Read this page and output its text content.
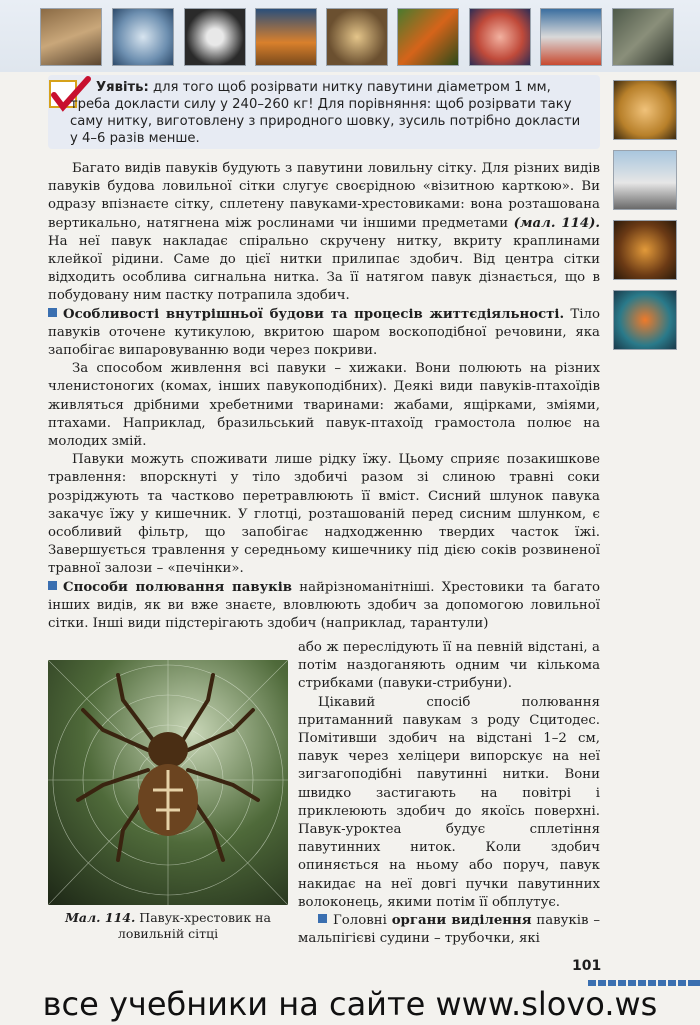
Уявіть: для того щоб розірвати нитку павутини діаметром 1 мм, треба докласти силу у 240–260 кг! Для порівняння: щоб розірвати таку саму нитку, виготовлену з природного шовку, зусиль потрібно докласти у 4–6 разів менше.

Багато видів павуків будують з павутини ловильну сітку. Для різних видів павуків будова ловильної сітки слугує своєрідною «візитною карткою». Ви одразу впізнаєте сітку, сплетену павуками-хрестовиками: вона розташована вертикально, натягнена між рослинами чи іншими предметами (мал. 114). На неї павук накладає спірально скручену нитку, вкриту краплинами клейкої рідини. Саме до цієї нитки прилипає здобич. Від центра сітки відходить особлива сигнальна нитка. За її натягом павук дізнається, що в побудовану ним пастку потрапила здобич.

Особливості внутрішньої будови та процесів життєдіяльності. Тіло павуків оточене кутикулою, вкритою шаром воскоподібної речовини, яка запобігає випаровуванню води через покриви.

За способом живлення всі павуки – хижаки. Вони полюють на різних членистоногих (комах, інших павукоподібних). Деякі види павуків-птахоїдів живляться дрібними хребетними тваринами: жабами, ящірками, зміями, птахами. Наприклад, бразильський павук-птахоїд грамостола полює на молодих змій.

Павуки можуть споживати лише рідку їжу. Цьому сприяє позакишкове травлення: впорскнуті у тіло здобичі разом зі слиною травні соки розріджують та частково перетравлюють її вміст. Сисний шлунок павука закачує їжу у кишечник. У глотці, розташованій перед сисним шлунком, є особливий фільтр, що запобігає надходженню твердих часток їжі. Завершується травлення у середньому кишечнику під дією соків розвиненої травної залози – «печінки».

Способи полювання павуків найрізноманітніші. Хрестовики та багато інших видів, як ви вже знаєте, вловлюють здобич за допомогою ловильної сітки. Інші види підстерігають здобич (наприклад, тарантули)

Мал. 114. Павук-хрестовик на ловильній сітці

або ж переслідують її на певній відстані, а потім наздоганяють одним чи кількома стрибками (павуки-стрибуни).

Цікавий спосіб полювання притаманний павукам з роду Сцитодес. Помітивши здобич на відстані 1–2 см, павук через хеліцери випорскує на неї зигзагоподібні павутинні нитки. Вони швидко застигають на повітрі і приклеюють здобич до якоїсь поверхні. Павук-уроктеа будує сплетіння павутинних ниток. Коли здобич опиняється на ньому або поруч, павук накидає на неї довгі пучки павутинних волоконець, якими потім її обплутує.

Головні органи виділення павуків – мальпігієві судини – трубочки, які

101

все учебники на сайте www.slovo.ws
